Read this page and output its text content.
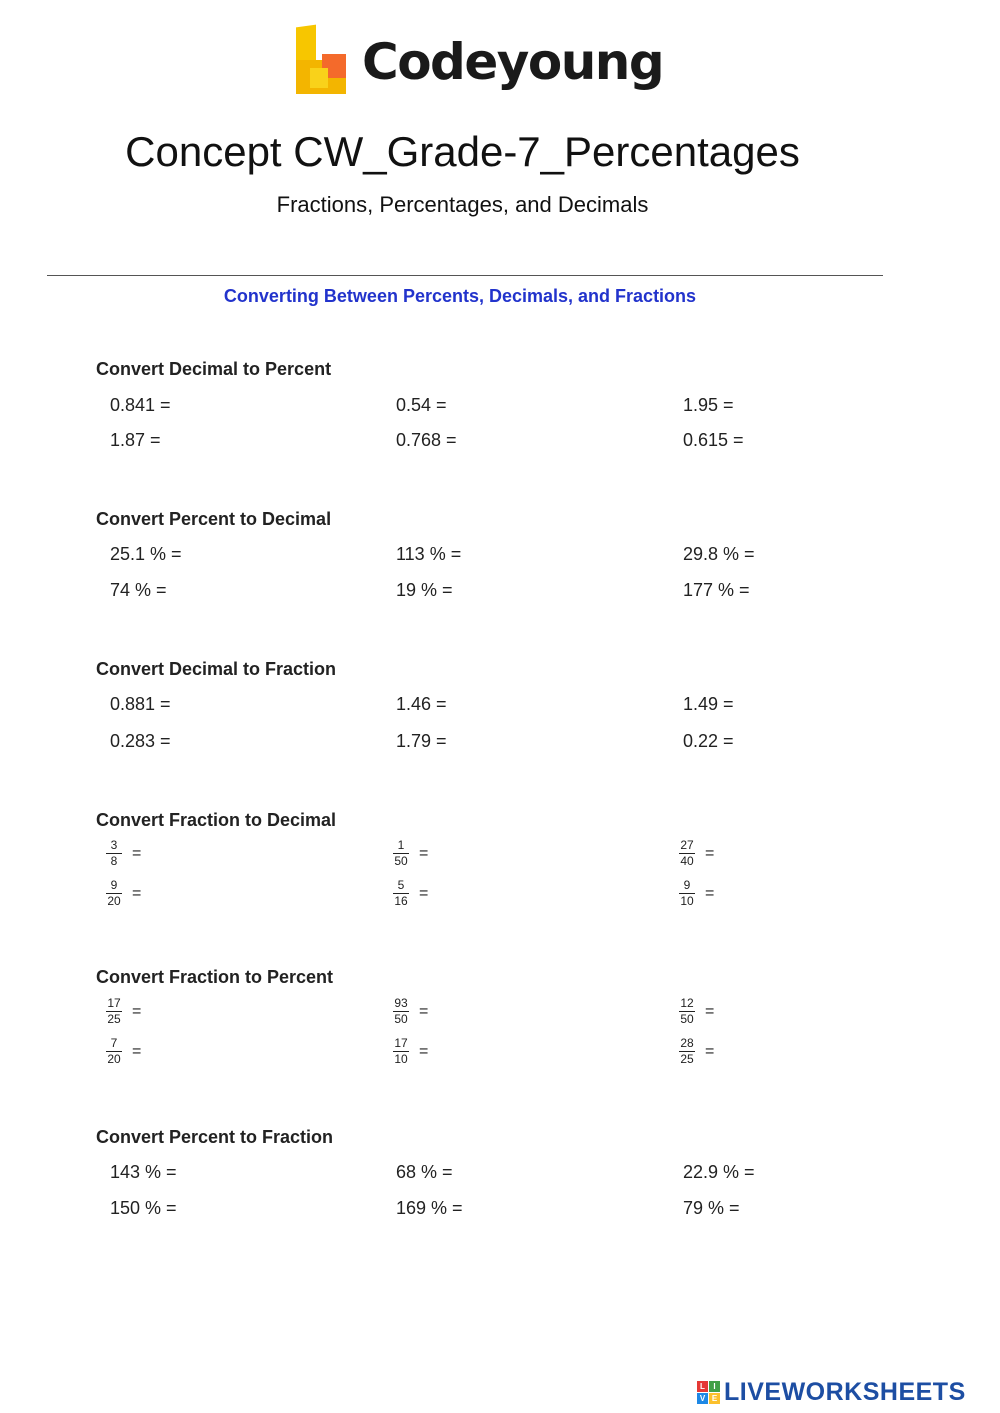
Codeyoung
Concept CW_Grade-7_Percentages
Fractions, Percentages, and Decimals
Converting Between Percents, Decimals, and Fractions
Convert Decimal to Percent
0.841 =	0.54 =	1.95 =
1.87 =	0.768 =	0.615 =
Convert Percent to Decimal
25.1 % =	113 % =	29.8 % =
74 % =	19 % =	177 % =
Convert Decimal to Fraction
0.881 =	1.46 =	1.49 =
0.283 =	1.79 =	0.22 =
Convert Fraction to Decimal
$\frac{3}{8}$ =	$\frac{1}{50}$ =	$\frac{27}{40}$ =
$\frac{9}{20}$ =	$\frac{5}{16}$ =	$\frac{9}{10}$ =
Convert Fraction to Percent
$\frac{17}{25}$ =	$\frac{93}{50}$ =	$\frac{12}{50}$ =
$\frac{7}{20}$ =	$\frac{17}{10}$ =	$\frac{28}{25}$ =
Convert Percent to Fraction
143 % =	68 % =	22.9 % =
150 % =	169 % =	79 % =
L	I
V E LIVEWORKSHEETS
